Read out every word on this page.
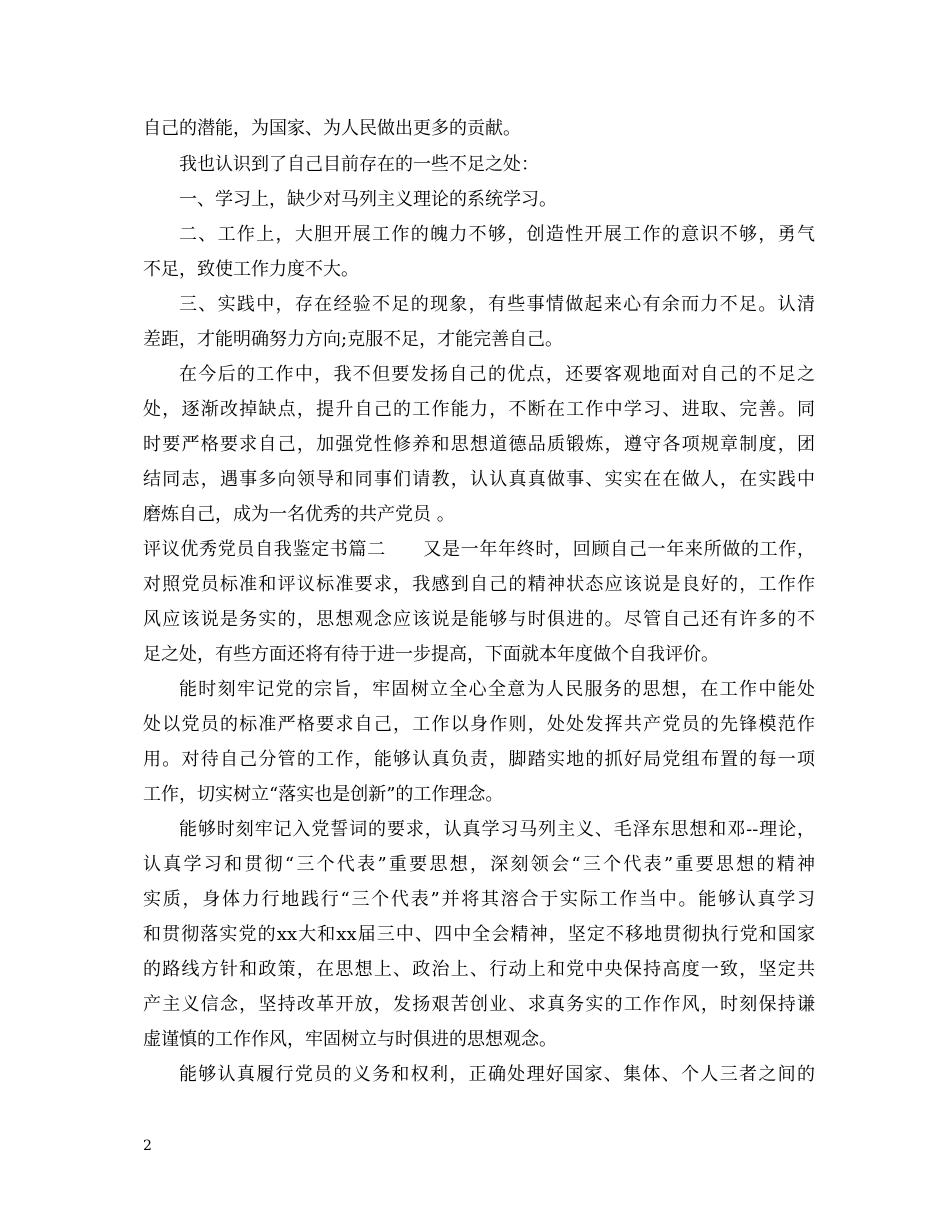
自己的潜能，为国家、为人民做出更多的贡献。
我也认识到了自己目前存在的一些不足之处：
一、学习上，缺少对马列主义理论的系统学习。
二、工作上，大胆开展工作的魄力不够，创造性开展工作的意识不够，勇气
不足，致使工作力度不大。
三、实践中，存在经验不足的现象，有些事情做起来心有余而力不足。认清
差距，才能明确努力方向;克服不足，才能完善自己。
在今后的工作中，我不但要发扬自己的优点，还要客观地面对自己的不足之
处，逐渐改掉缺点，提升自己的工作能力，不断在工作中学习、进取、完善。同
时要严格要求自己，加强党性修养和思想道德品质锻炼，遵守各项规章制度，团
结同志，遇事多向领导和同事们请教，认认真真做事、实实在在做人，在实践中
磨炼自己，成为一名优秀的共产党员 。
评议优秀党员自我鉴定书篇二　　又是一年年终时，回顾自己一年来所做的工作，
对照党员标准和评议标准要求，我感到自己的精神状态应该说是良好的，工作作
风应该说是务实的，思想观念应该说是能够与时俱进的。尽管自己还有许多的不
足之处，有些方面还将有待于进一步提高，下面就本年度做个自我评价。
能时刻牢记党的宗旨，牢固树立全心全意为人民服务的思想，在工作中能处
处以党员的标准严格要求自己，工作以身作则，处处发挥共产党员的先锋模范作
用。对待自己分管的工作，能够认真负责，脚踏实地的抓好局党组布置的每一项
工作，切实树立“落实也是创新”的工作理念。
能够时刻牢记入党誓词的要求，认真学习马列主义、毛泽东思想和邓--理论，
认真学习和贯彻“三个代表”重要思想，深刻领会“三个代表”重要思想的精神
实质，身体力行地践行“三个代表”并将其溶合于实际工作当中。能够认真学习
和贯彻落实党的xx大和xx届三中、四中全会精神，坚定不移地贯彻执行党和国家
的路线方针和政策，在思想上、政治上、行动上和党中央保持高度一致，坚定共
产主义信念，坚持改革开放，发扬艰苦创业、求真务实的工作作风，时刻保持谦
虚谨慎的工作作风，牢固树立与时俱进的思想观念。
能够认真履行党员的义务和权利，正确处理好国家、集体、个人三者之间的
2
